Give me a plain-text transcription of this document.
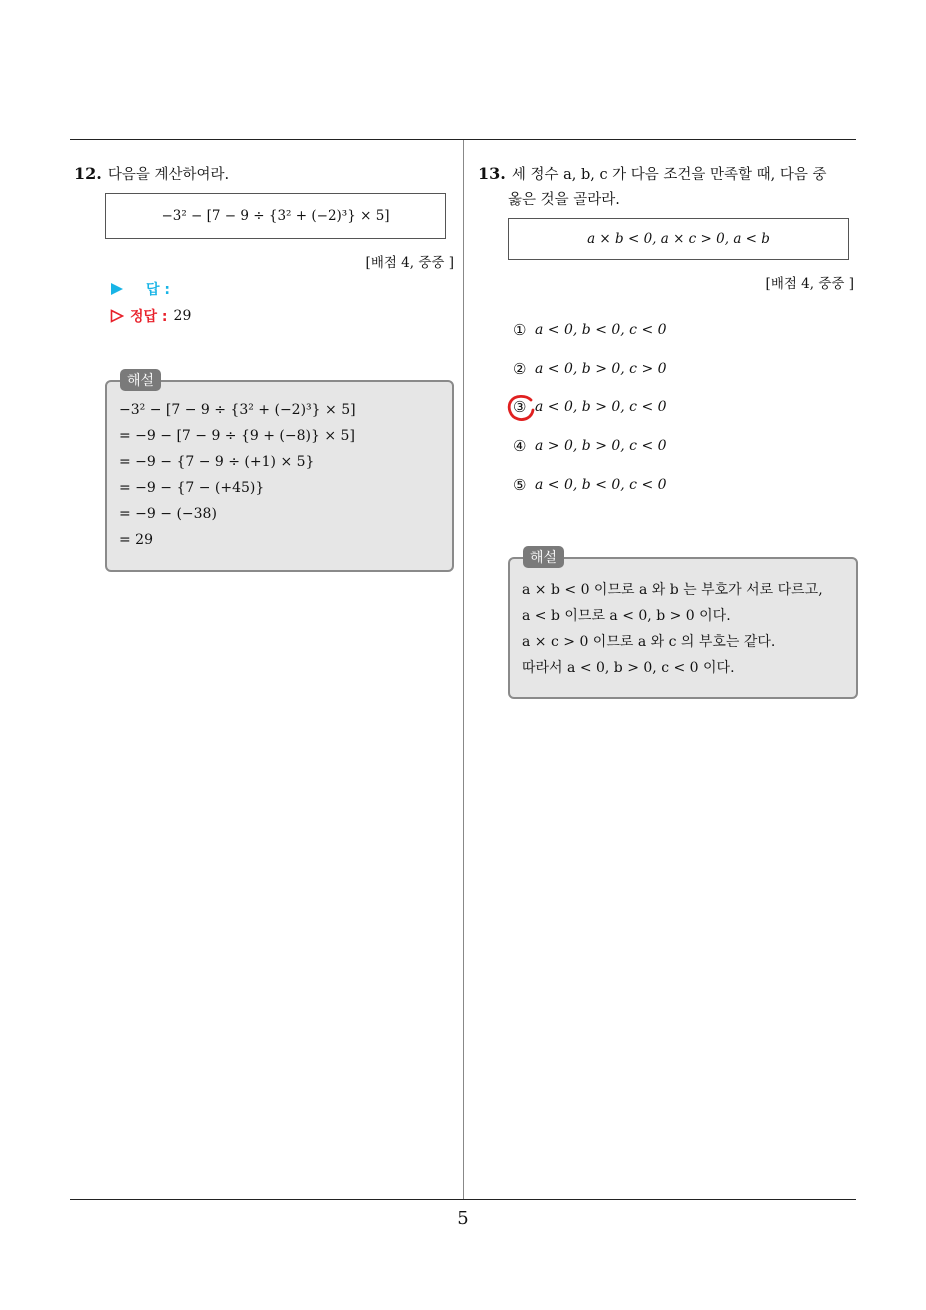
12. 다음을 계산하여라.
−3² − [7 − 9 ÷ {3² + (−2)³} × 5]
[배점 4, 중중 ]
답 :
정답 : 29
−3² − [7 − 9 ÷ {3² + (−2)³} × 5]
= −9 − [7 − 9 ÷ {9 + (−8)} × 5]
= −9 − {7 − 9 ÷ (+1) × 5}
= −9 − {7 − (+45)}
= −9 − (−38)
= 29
해설
13. 세 정수 a, b, c 가 다음 조건을 만족할 때, 다음 중
옳은 것을 골라라.
a × b < 0, a × c > 0, a < b
[배점 4, 중중 ]
① a < 0, b < 0, c < 0
② a < 0, b > 0, c > 0
③ a < 0, b > 0, c < 0
④ a > 0, b > 0, c < 0
⑤ a < 0, b < 0, c < 0
a × b < 0 이므로 a 와 b 는 부호가 서로 다르고,
a < b 이므로 a < 0, b > 0 이다.
a × c > 0 이므로 a 와 c 의 부호는 같다.
따라서 a < 0, b > 0, c < 0 이다.
해설
5
